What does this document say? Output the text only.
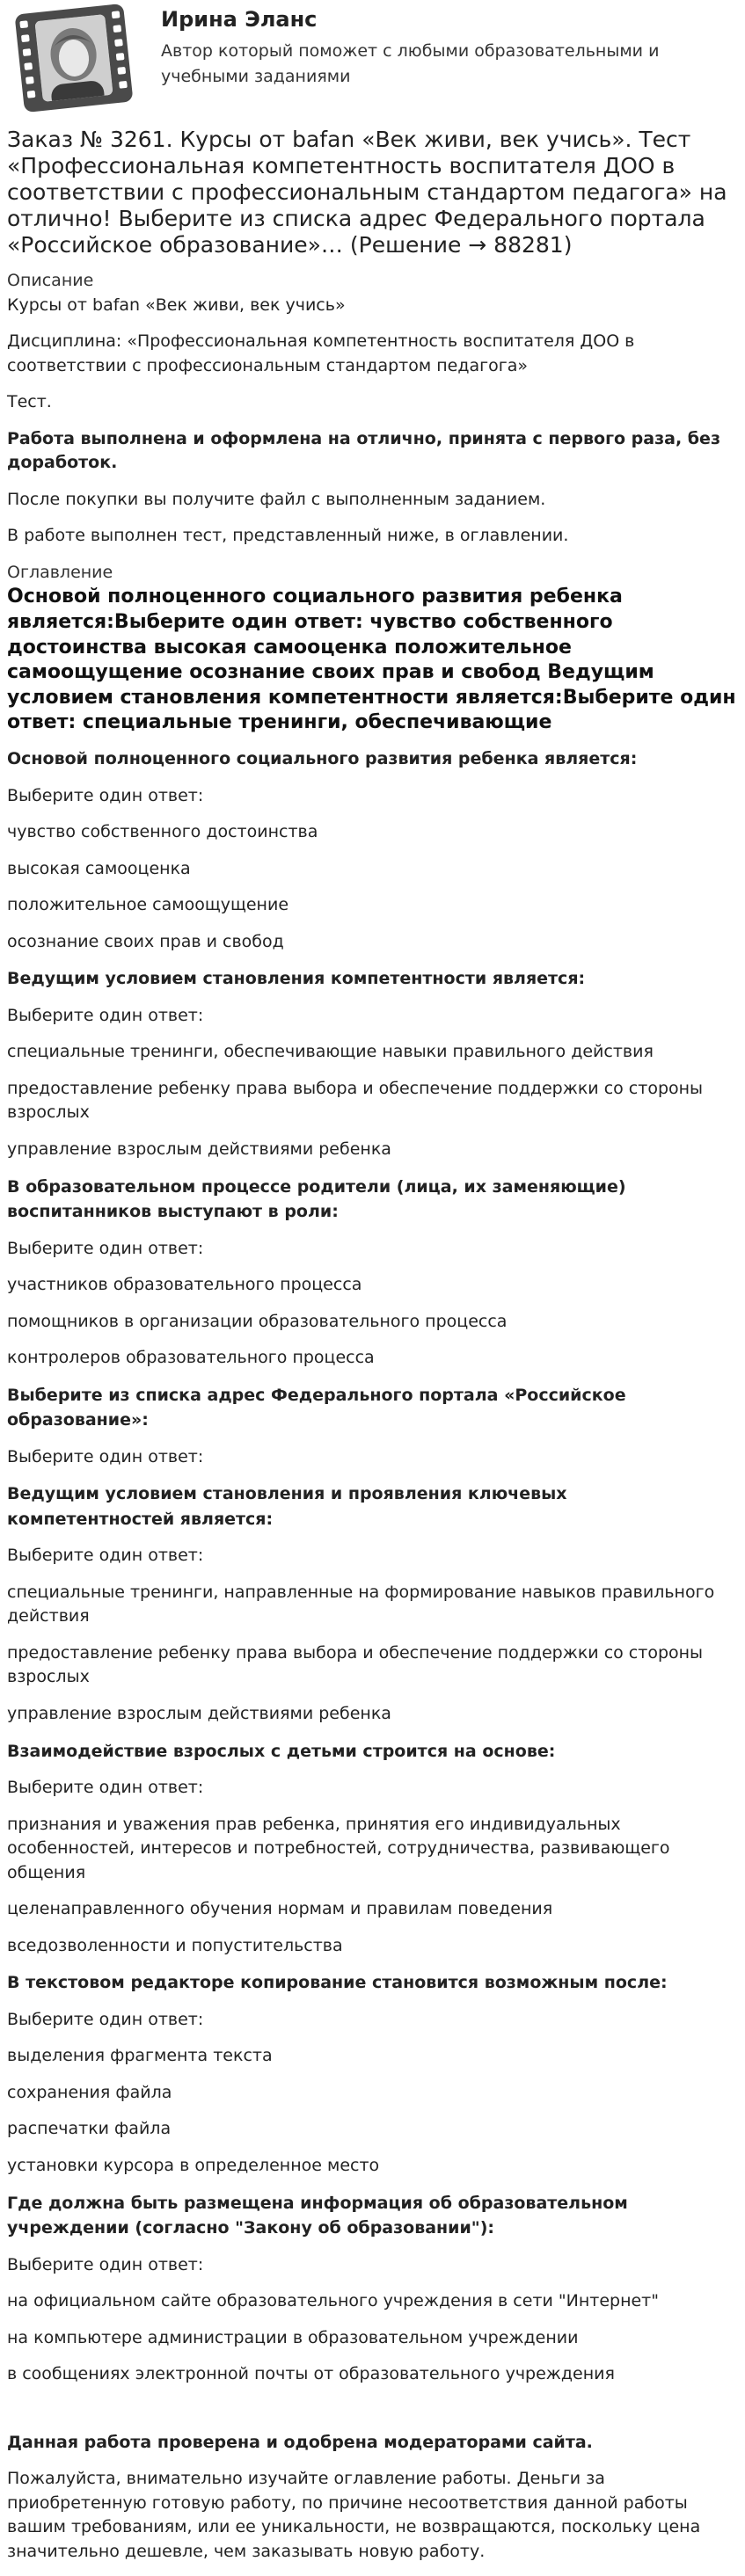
Ирина Эланс
Автор который поможет с любыми образовательными и учебными заданиями
Заказ № 3261. Курсы от bafan «Век живи, век учись». Тест «Профессиональная компетентность воспитателя ДОО в соответствии с профессиональным стандартом педагога» на отлично! Выберите из списка адрес Федерального портала «Российское образование»… (Решение → 88281)
Описание

Курсы от bafan «Век живи, век учись»

Дисциплина: «Профессиональная компетентность воспитателя ДОО в соответствии с профессиональным стандартом педагога»

Тест.

Работа выполнена и оформлена на отлично, принята с первого раза, без доработок.

После покупки вы получите файл с выполненным заданием.

В работе выполнен тест, представленный ниже, в оглавлении.

Оглавление
Основой полноценного социального развития ребенка является:Выберите один ответ: чувство собственного достоинства высокая самооценка положительное самоощущение осознание своих прав и свобод Ведущим условием становления компетентности является:Выберите один ответ: специальные тренинги, обеспечивающие
Основой полноценного социального развития ребенка является:

Выберите один ответ:

чувство собственного достоинства

высокая самооценка

положительное самоощущение

осознание своих прав и свобод

Ведущим условием становления компетентности является:

Выберите один ответ:

специальные тренинги, обеспечивающие навыки правильного действия

предоставление ребенку права выбора и обеспечение поддержки со стороны взрослых

управление взрослым действиями ребенка

В образовательном процессе родители (лица, их заменяющие) воспитанников выступают в роли:

Выберите один ответ:

участников образовательного процесса

помощников в организации образовательного процесса

контролеров образовательного процесса

Выберите из списка адрес Федерального портала «Российское образование»:

Выберите один ответ:

Ведущим условием становления и проявления ключевых компетентностей является:

Выберите один ответ:

специальные тренинги, направленные на формирование навыков правильного действия

предоставление ребенку права выбора и обеспечение поддержки со стороны взрослых

управление взрослым действиями ребенка

Взаимодействие взрослых с детьми строится на основе:

Выберите один ответ:

признания и уважения прав ребенка, принятия его индивидуальных особенностей, интересов и потребностей, сотрудничества, развивающего общения

целенаправленного обучения нормам и правилам поведения

вседозволенности и попустительства

В текстовом редакторе копирование становится возможным после:

Выберите один ответ:

выделения фрагмента текста

сохранения файла

распечатки файла

установки курсора в определенное место

Где должна быть размещена информация об образовательном учреждении (согласно "Закону об образовании"):

Выберите один ответ:

на официальном сайте образовательного учреждения в сети "Интернет"

на компьютере администрации в образовательном учреждении

в сообщениях электронной почты от образовательного учреждения

Данная работа проверена и одобрена модераторами сайта.

Пожалуйста, внимательно изучайте оглавление работы. Деньги за приобретенную готовую работу, по причине несоответствия данной работы вашим требованиям, или ее уникальности, не возвращаются, поскольку цена значительно дешевле, чем заказывать новую работу.
